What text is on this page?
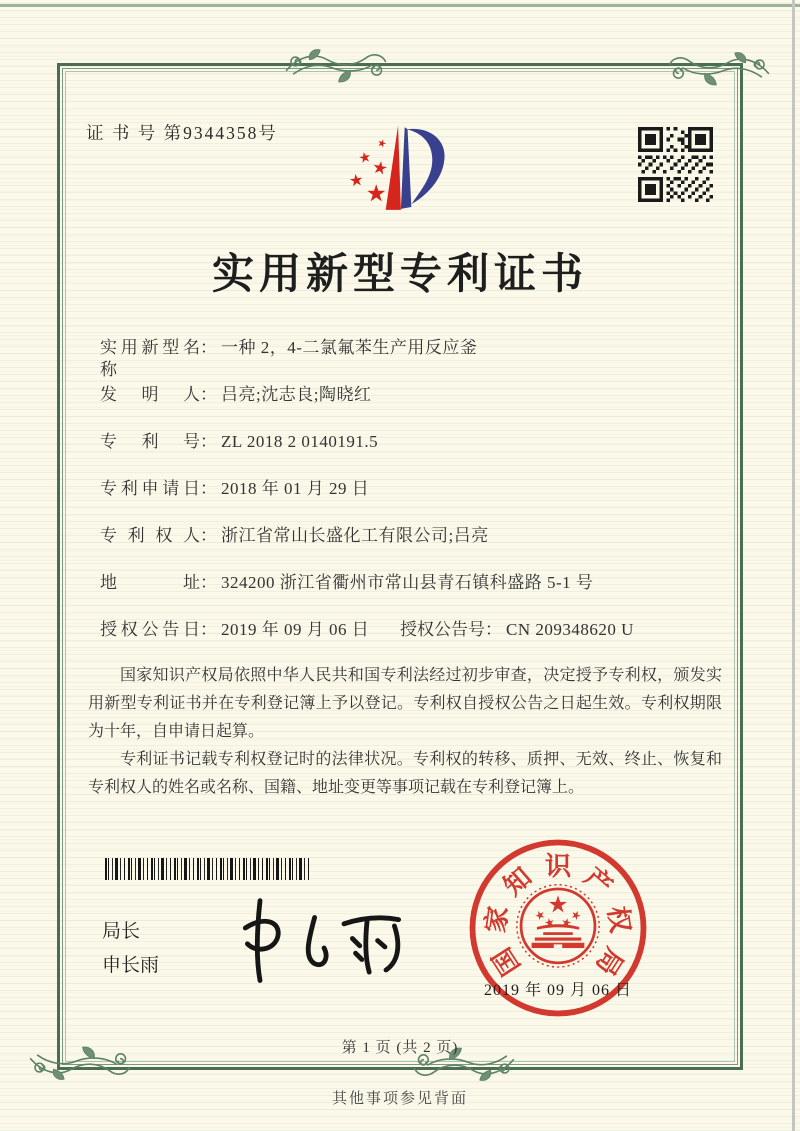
证 书 号 第9344358号
实用新型专利证书
实用新型名称： 一种 2，4-二氯氟苯生产用反应釜
发明人： 吕亮;沈志良;陶晓红
专利号： ZL 2018 2 0140191.5
专利申请日： 2018 年 01 月 29 日
专利权人： 浙江省常山长盛化工有限公司;吕亮
地址： 324200 浙江省衢州市常山县青石镇科盛路 5-1 号
授权公告日： 2019 年 09 月 06 日 授权公告号： CN 209348620 U

国家知识产权局依照中华人民共和国专利法经过初步审查，决定授予专利权，颁发实用新型专利证书并在专利登记簿上予以登记。专利权自授权公告之日起生效。专利权期限为十年，自申请日起算。

专利证书记载专利权登记时的法律状况。专利权的转移、质押、无效、终止、恢复和专利权人的姓名或名称、国籍、地址变更等事项记载在专利登记簿上。

局长
申长雨	国
家
知 识 产
权
局
2019 年 09 月 06 日
第 1 页 (共 2 页)
其他事项参见背面
